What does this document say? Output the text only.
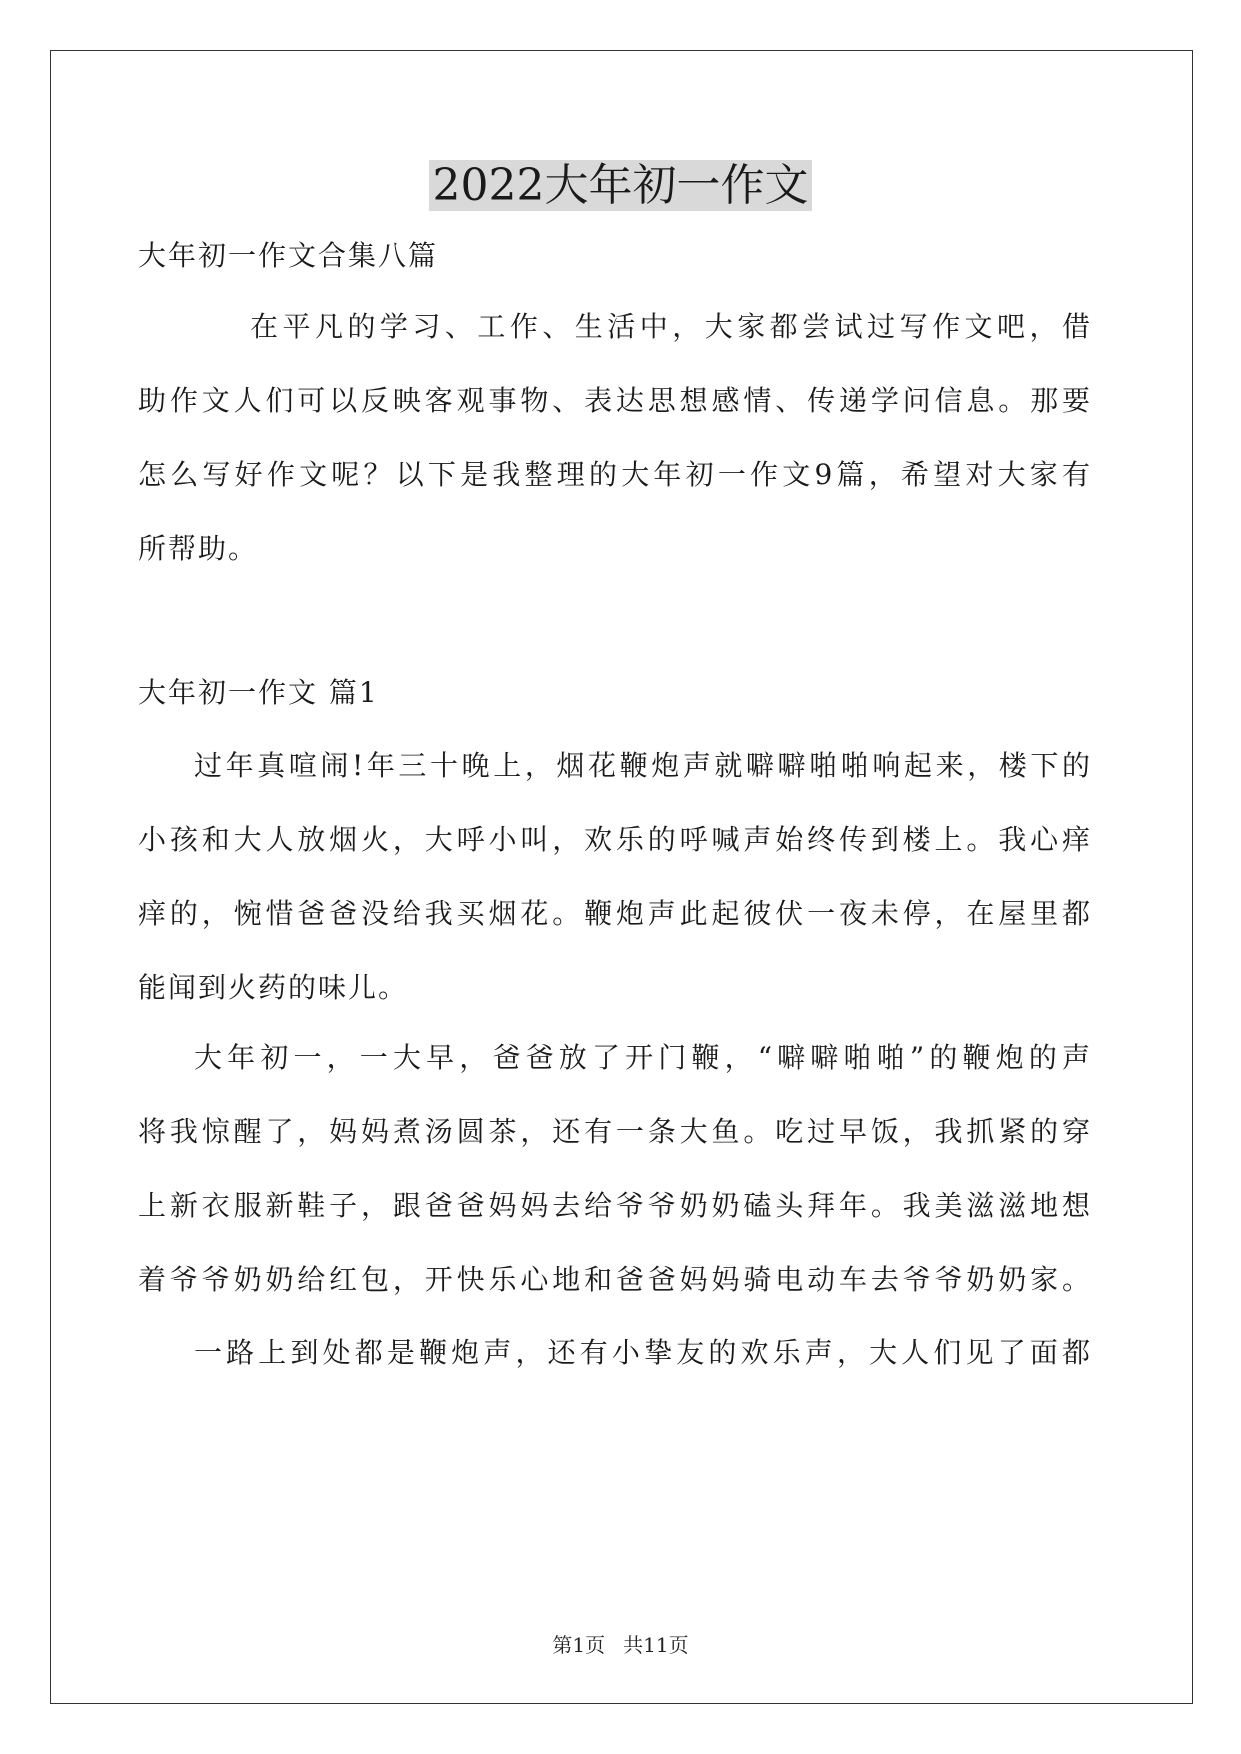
2022大年初一作文
大年初一作文合集八篇
在平凡的学习、工作、生活中，大家都尝试过写作文吧，借
助作文人们可以反映客观事物、表达思想感情、传递学问信息。那要
怎么写好作文呢？以下是我整理的大年初一作文9篇，希望对大家有
所帮助。
大年初一作文 篇1
过年真喧闹!年三十晚上，烟花鞭炮声就噼噼啪啪响起来，楼下的
小孩和大人放烟火，大呼小叫，欢乐的呼喊声始终传到楼上。我心痒
痒的，惋惜爸爸没给我买烟花。鞭炮声此起彼伏一夜未停，在屋里都
能闻到火药的味儿。
大年初一，一大早，爸爸放了开门鞭，“噼噼啪啪”的鞭炮的声
将我惊醒了，妈妈煮汤圆茶，还有一条大鱼。吃过早饭，我抓紧的穿
上新衣服新鞋子，跟爸爸妈妈去给爷爷奶奶磕头拜年。我美滋滋地想
着爷爷奶奶给红包，开快乐心地和爸爸妈妈骑电动车去爷爷奶奶家。
一路上到处都是鞭炮声，还有小挚友的欢乐声，大人们见了面都
第1页 共11页
